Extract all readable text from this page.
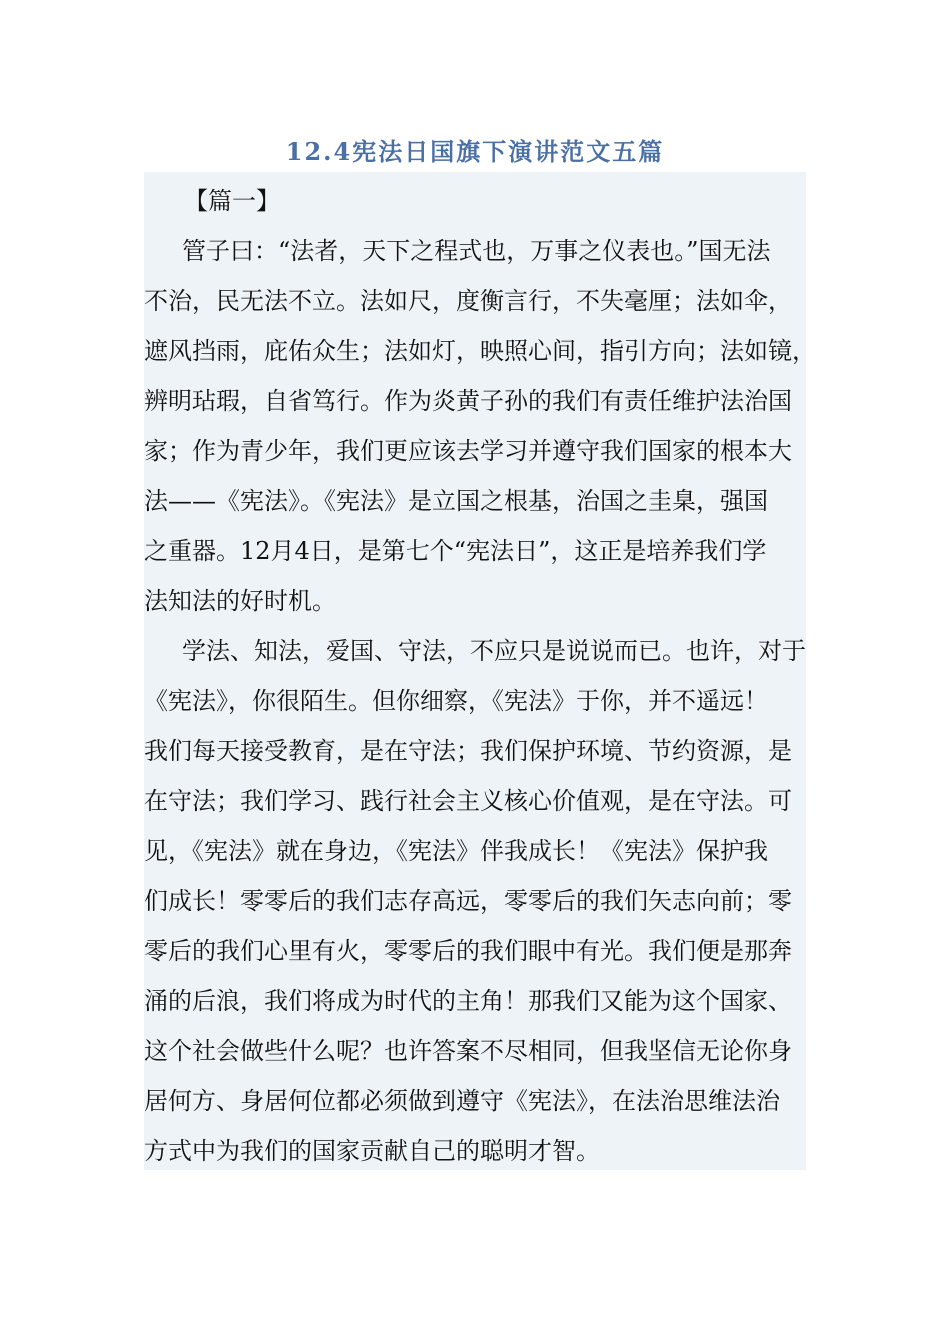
12.4宪法日国旗下演讲范文五篇
【篇一】
　管子曰：“法者，天下之程式也，万事之仪表也。”国无法
不治，民无法不立。法如尺，度衡言行，不失毫厘；法如伞，
遮风挡雨，庇佑众生；法如灯，映照心间，指引方向；法如镜，
辨明玷瑕，自省笃行。作为炎黄子孙的我们有责任维护法治国
家；作为青少年，我们更应该去学习并遵守我们国家的根本大
法——《宪法》。《宪法》是立国之根基，治国之圭臬，强国
之重器。12月4日，是第七个“宪法日”，这正是培养我们学
法知法的好时机。
　学法、知法，爱国、守法，不应只是说说而已。也许，对于
《宪法》，你很陌生。但你细察，《宪法》于你，并不遥远！
我们每天接受教育，是在守法；我们保护环境、节约资源，是
在守法；我们学习、践行社会主义核心价值观，是在守法。可
见，《宪法》就在身边，《宪法》伴我成长！《宪法》保护我
们成长！零零后的我们志存高远，零零后的我们矢志向前；零
零后的我们心里有火，零零后的我们眼中有光。我们便是那奔
涌的后浪，我们将成为时代的主角！那我们又能为这个国家、
这个社会做些什么呢？也许答案不尽相同，但我坚信无论你身
居何方、身居何位都必须做到遵守《宪法》，在法治思维法治
方式中为我们的国家贡献自己的聪明才智。
